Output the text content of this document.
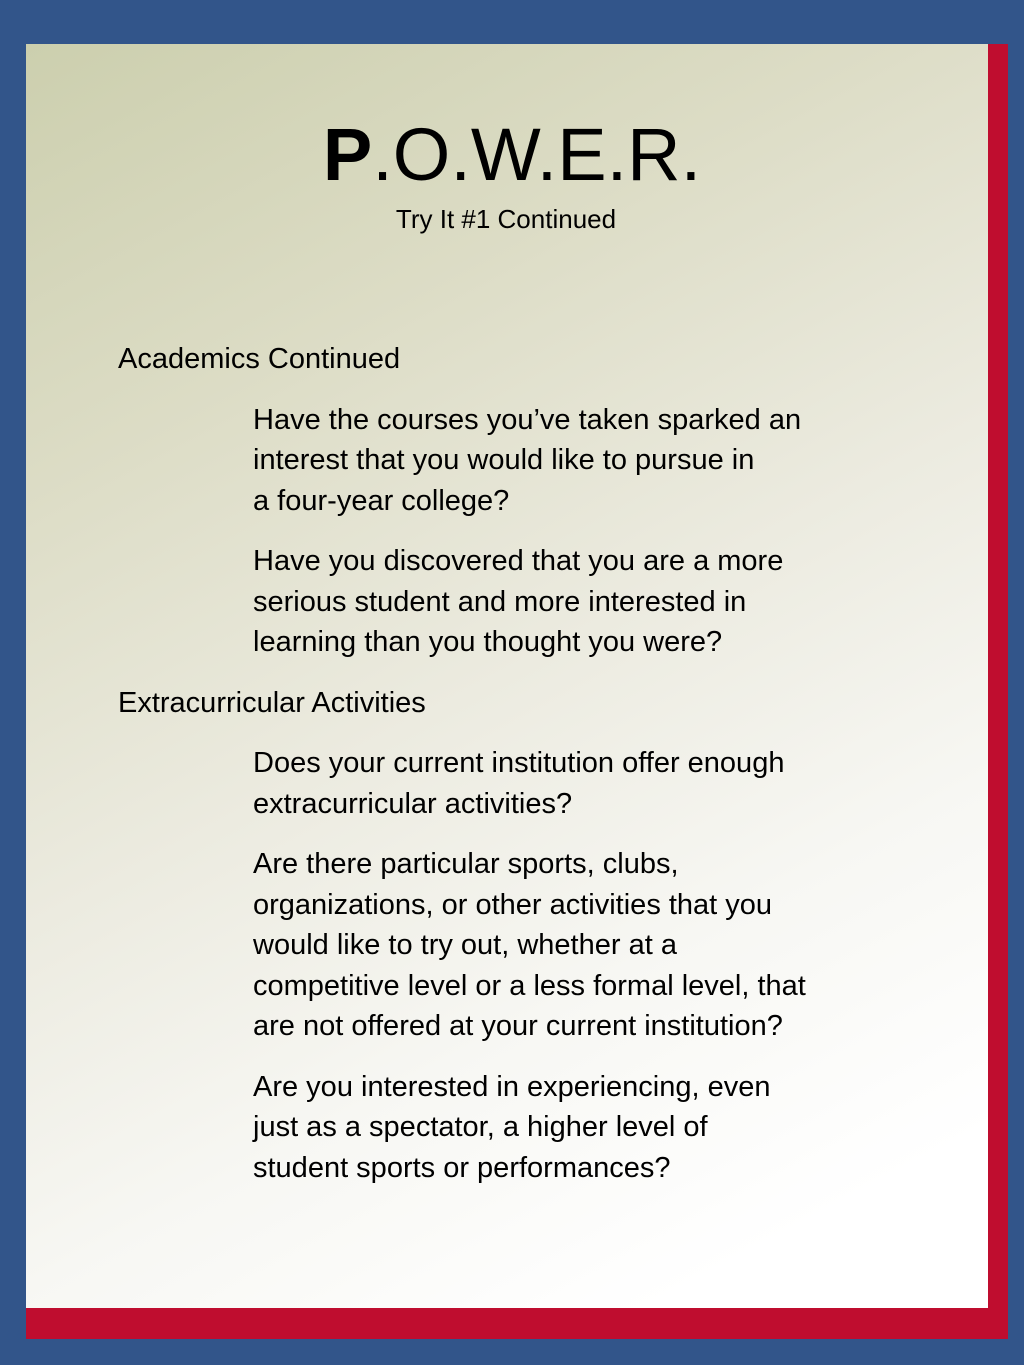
P.O.W.E.R.
Try It #1 Continued
Academics Continued
Have the courses you’ve taken sparked an
interest that you would like to pursue in
a four-year college?
Have you discovered that you are a more
serious student and more interested in
learning than you thought you were?
Extracurricular Activities
Does your current institution offer enough
extracurricular activities?
Are there particular sports, clubs,
organizations, or other activities that you
would like to try out, whether at a
competitive level or a less formal level, that
are not offered at your current institution?
Are you interested in experiencing, even
just as a spectator, a higher level of
student sports or performances?
